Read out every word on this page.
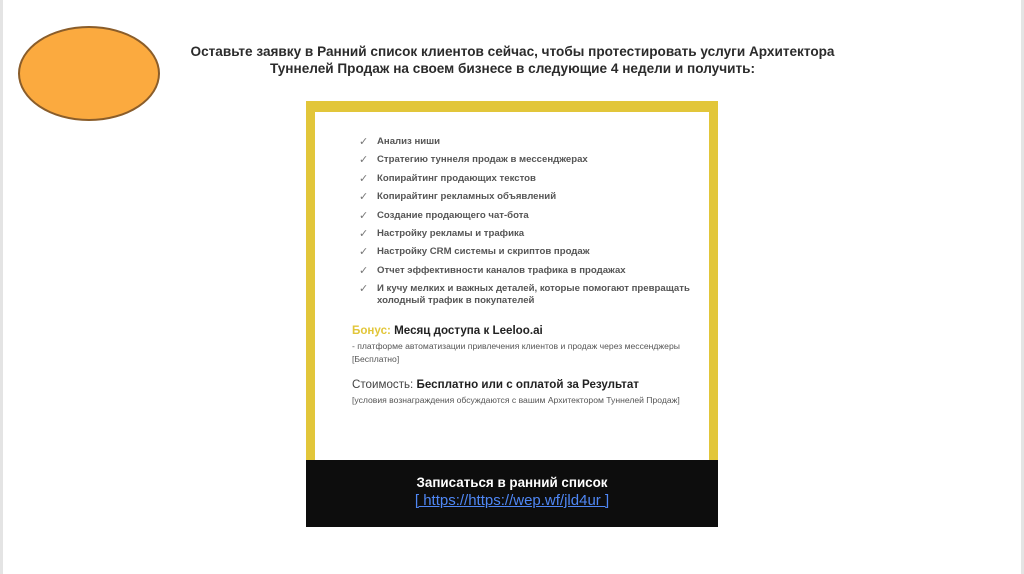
Оставьте заявку в Ранний список клиентов сейчас, чтобы протестировать услуги Архитектора
Туннелей Продаж на своем бизнесе в следующие 4 недели и получить:
✓ Анализ ниши
✓ Стратегию туннеля продаж в мессенджерах
✓ Копирайтинг продающих текстов
✓ Копирайтинг рекламных объявлений
✓ Создание продающего чат-бота
✓ Настройку рекламы и трафика
✓ Настройку CRM системы и скриптов продаж
✓ Отчет эффективности каналов трафика в продажах
✓ И кучу мелких и важных деталей, которые помогают превращать холодный трафик в покупателей
Бонус: Месяц доступа к Leeloo.ai
- платформе автоматизации привлечения клиентов и продаж через мессенджеры [Бесплатно]
Стоимость: Бесплатно или с оплатой за Результат
[условия вознаграждения обсуждаются с вашим Архитектором Туннелей Продаж]
Записаться в ранний список
[ https://https://wep.wf/jld4ur ]
